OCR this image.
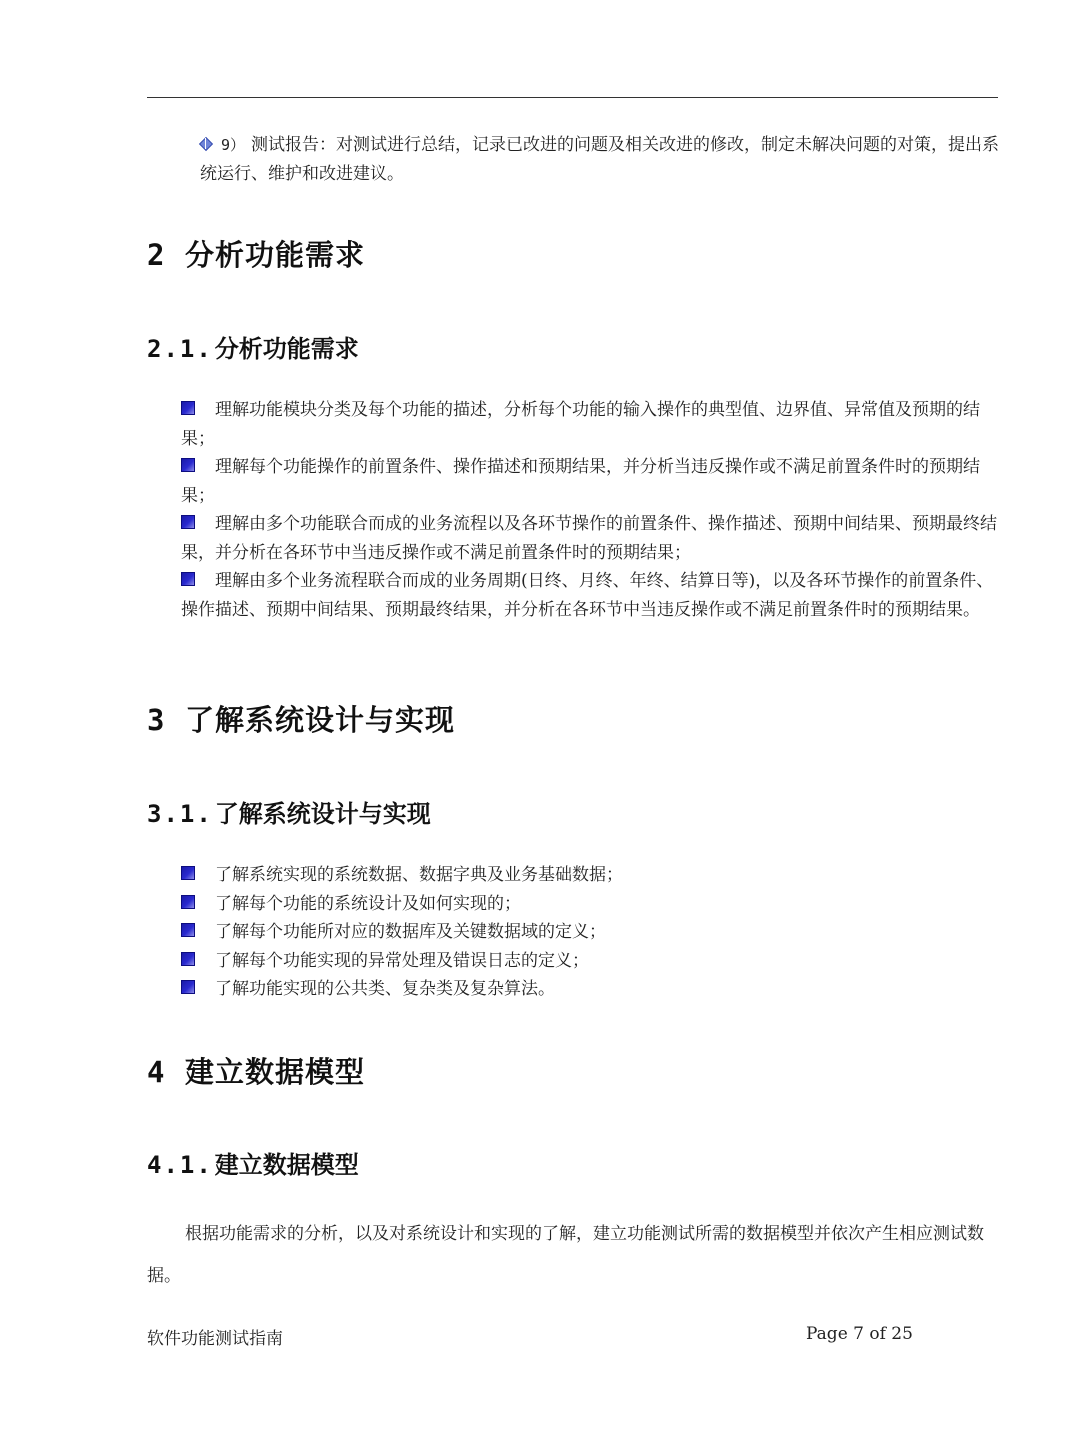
9） 测试报告：对测试进行总结，记录已改进的问题及相关改进的修改，制定未解决问题的对策，提出系统运行、维护和改进建议。
2 分析功能需求
2.1.分析功能需求
理解功能模块分类及每个功能的描述，分析每个功能的输入操作的典型值、边界值、异常值及预期的结果；
理解每个功能操作的前置条件、操作描述和预期结果，并分析当违反操作或不满足前置条件时的预期结果；
理解由多个功能联合而成的业务流程以及各环节操作的前置条件、操作描述、预期中间结果、预期最终结果，并分析在各环节中当违反操作或不满足前置条件时的预期结果；
理解由多个业务流程联合而成的业务周期(日终、月终、年终、结算日等)，以及各环节操作的前置条件、操作描述、预期中间结果、预期最终结果，并分析在各环节中当违反操作或不满足前置条件时的预期结果。
3 了解系统设计与实现
3.1.了解系统设计与实现
了解系统实现的系统数据、数据字典及业务基础数据；
了解每个功能的系统设计及如何实现的；
了解每个功能所对应的数据库及关键数据域的定义；
了解每个功能实现的异常处理及错误日志的定义；
了解功能实现的公共类、复杂类及复杂算法。
4 建立数据模型
4.1.建立数据模型
根据功能需求的分析，以及对系统设计和实现的了解，建立功能测试所需的数据模型并依次产生相应测试数据。
软件功能测试指南	Page 7 of 25
